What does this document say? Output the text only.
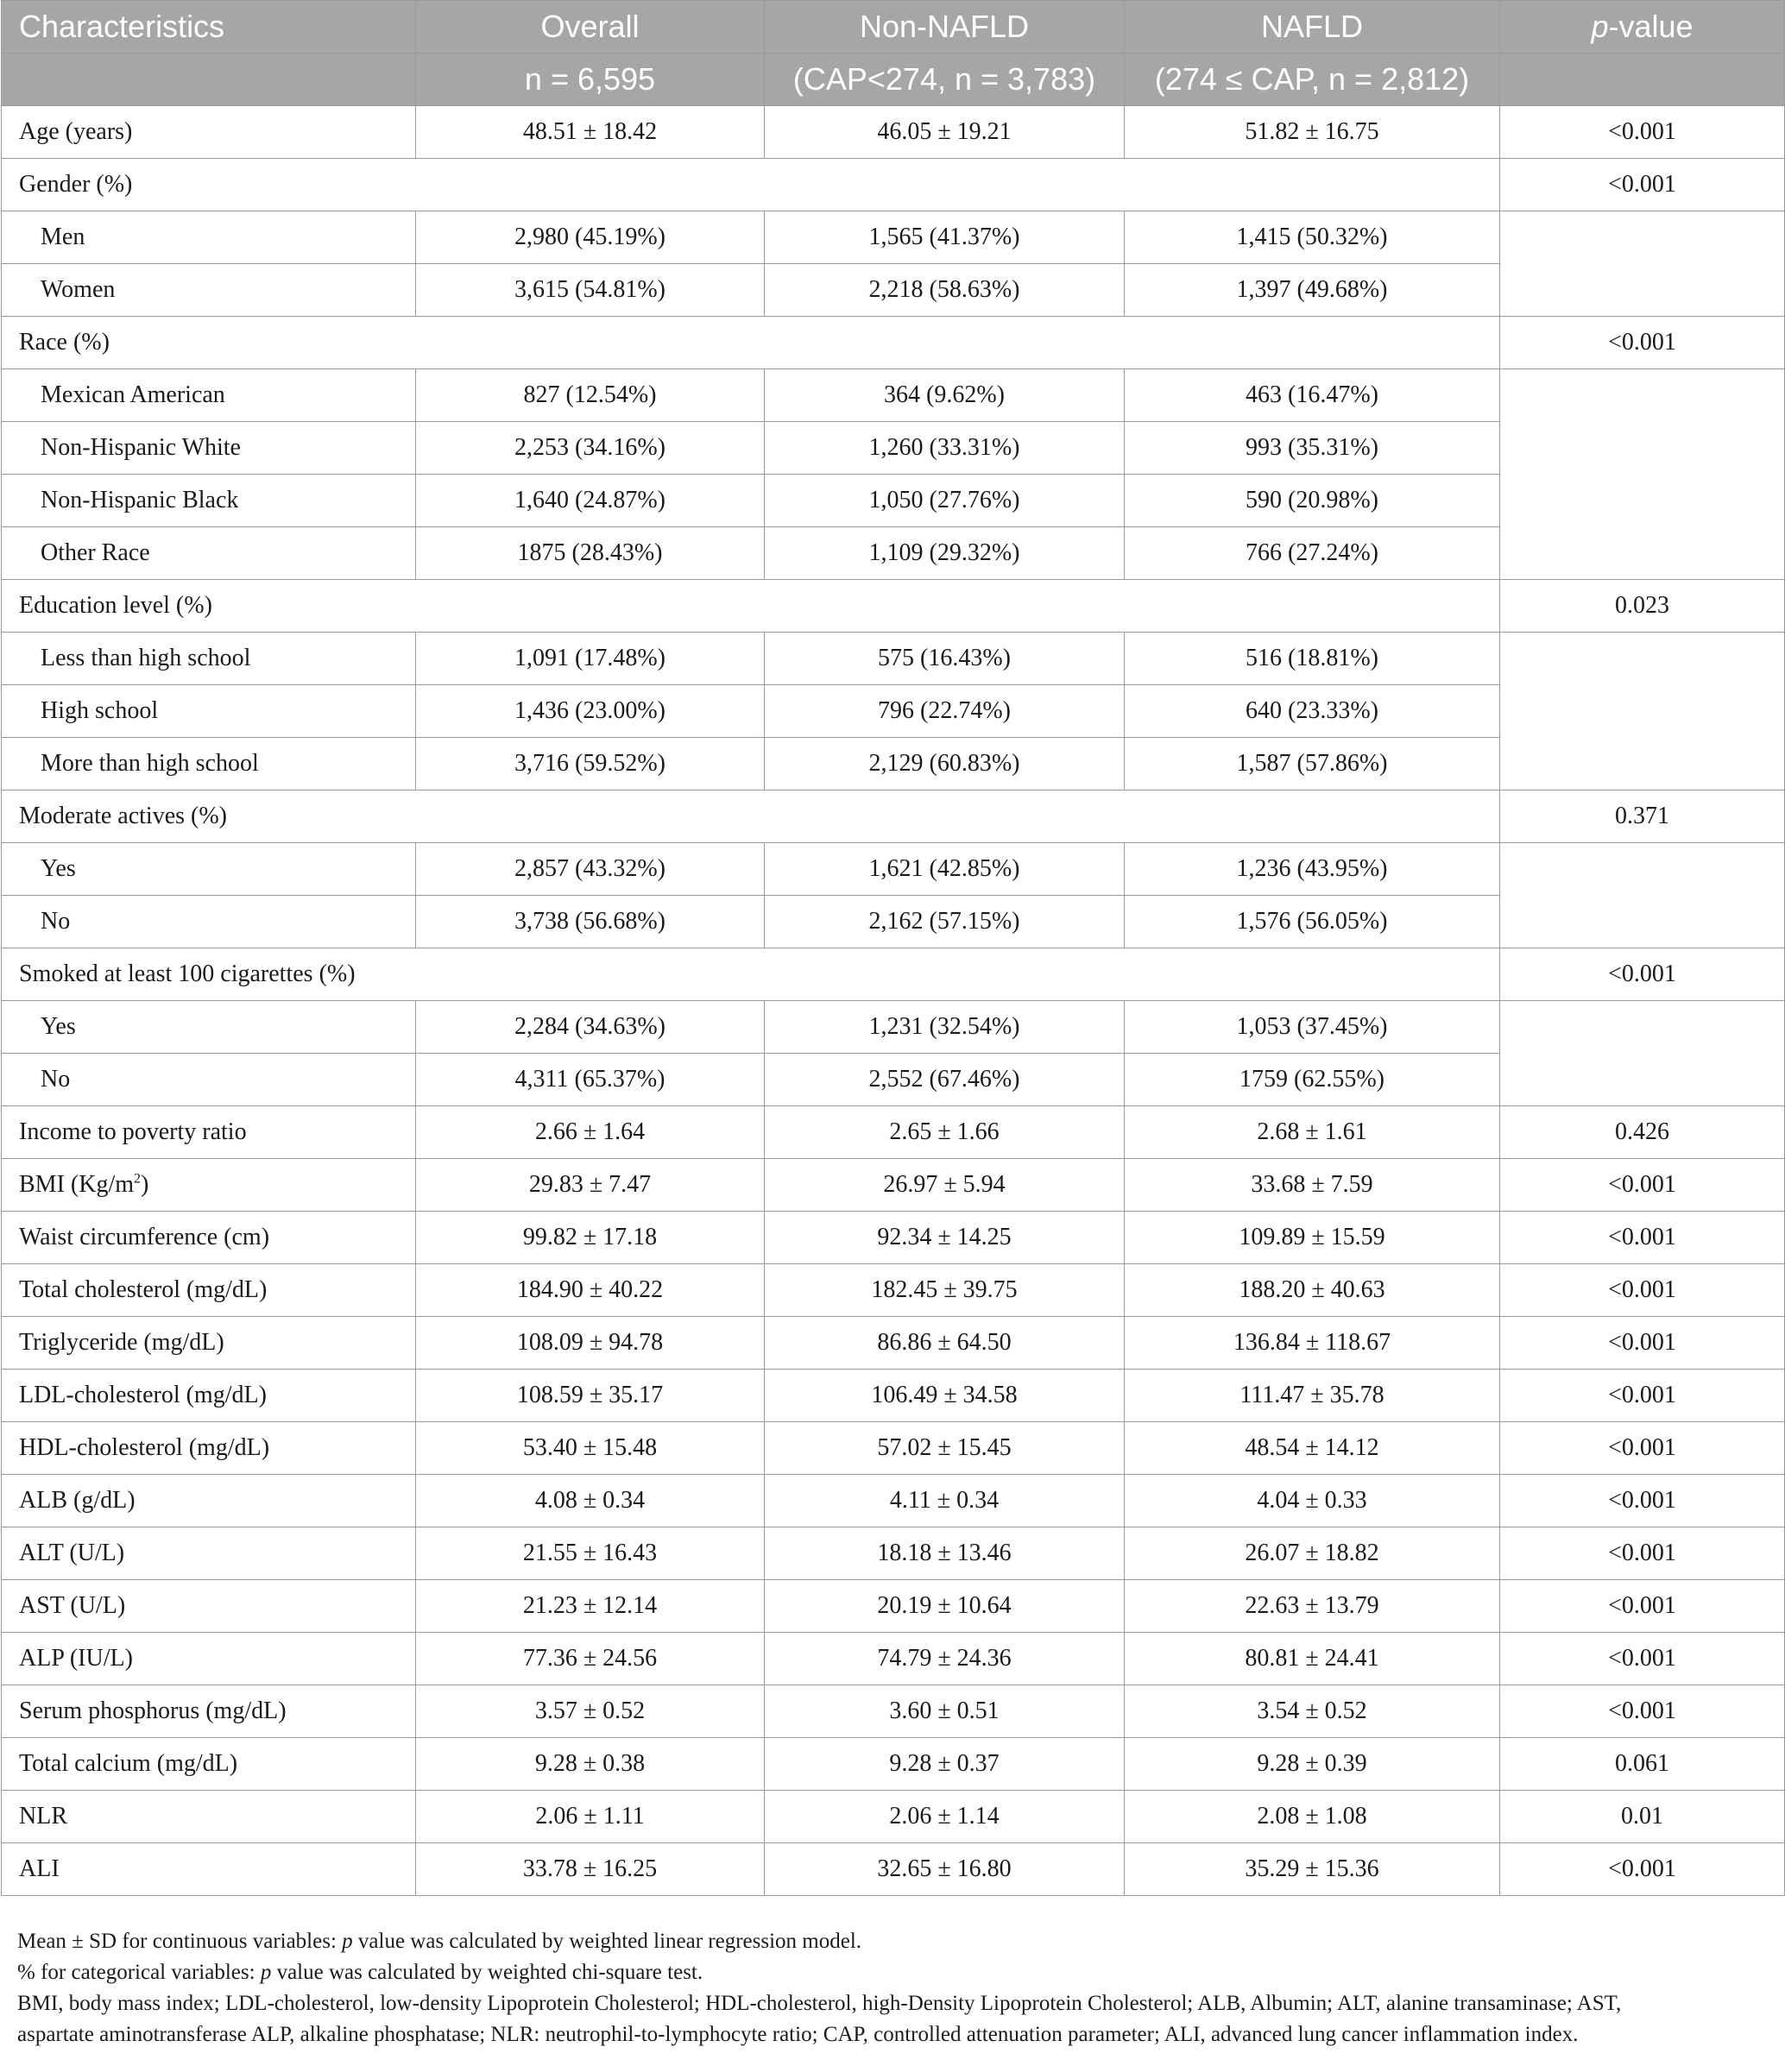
Characteristics	Overall	Non-NAFLD	NAFLD	p-value
	n = 6,595	(CAP<274, n = 3,783)	(274 ≤ CAP, n = 2,812)	
Age (years)	48.51 ± 18.42	46.05 ± 19.21	51.82 ± 16.75	<0.001
Gender (%)				<0.001
Men	2,980 (45.19%)	1,565 (41.37%)	1,415 (50.32%)	
Women	3,615 (54.81%)	2,218 (58.63%)	1,397 (49.68%)	
Race (%)				<0.001
Mexican American	827 (12.54%)	364 (9.62%)	463 (16.47%)	
Non-Hispanic White	2,253 (34.16%)	1,260 (33.31%)	993 (35.31%)	
Non-Hispanic Black	1,640 (24.87%)	1,050 (27.76%)	590 (20.98%)	
Other Race	1875 (28.43%)	1,109 (29.32%)	766 (27.24%)	
Education level (%)				0.023
Less than high school	1,091 (17.48%)	575 (16.43%)	516 (18.81%)	
High school	1,436 (23.00%)	796 (22.74%)	640 (23.33%)	
More than high school	3,716 (59.52%)	2,129 (60.83%)	1,587 (57.86%)	
Moderate actives (%)				0.371
Yes	2,857 (43.32%)	1,621 (42.85%)	1,236 (43.95%)	
No	3,738 (56.68%)	2,162 (57.15%)	1,576 (56.05%)	
Smoked at least 100 cigarettes (%)				<0.001
Yes	2,284 (34.63%)	1,231 (32.54%)	1,053 (37.45%)	
No	4,311 (65.37%)	2,552 (67.46%)	1759 (62.55%)	
Income to poverty ratio	2.66 ± 1.64	2.65 ± 1.66	2.68 ± 1.61	0.426
BMI $(Kg/m^2)$	29.83 ± 7.47	26.97 ± 5.94	33.68 ± 7.59	<0.001
Waist circumference (cm)	99.82 ± 17.18	92.34 ± 14.25	109.89 ± 15.59	<0.001
Total cholesterol (mg/dL)	184.90 ± 40.22	182.45 ± 39.75	188.20 ± 40.63	<0.001
Triglyceride (mg/dL)	108.09 ± 94.78	86.86 ± 64.50	136.84 ± 118.67	<0.001
LDL-cholesterol (mg/dL)	108.59 ± 35.17	106.49 ± 34.58	111.47 ± 35.78	<0.001
HDL-cholesterol (mg/dL)	53.40 ± 15.48	57.02 ± 15.45	48.54 ± 14.12	<0.001
ALB (g/dL)	4.08 ± 0.34	4.11 ± 0.34	4.04 ± 0.33	<0.001
ALT (U/L)	21.55 ± 16.43	18.18 ± 13.46	26.07 ± 18.82	<0.001
AST (U/L)	21.23 ± 12.14	20.19 ± 10.64	22.63 ± 13.79	<0.001
ALP (IU/L)	77.36 ± 24.56	74.79 ± 24.36	80.81 ± 24.41	<0.001
Serum phosphorus (mg/dL)	3.57 ± 0.52	3.60 ± 0.51	3.54 ± 0.52	<0.001
Total calcium (mg/dL)	9.28 ± 0.38	9.28 ± 0.37	9.28 ± 0.39	0.061
NLR	2.06 ± 1.11	2.06 ± 1.14	2.08 ± 1.08	0.01
ALI	33.78 ± 16.25	32.65 ± 16.80	35.29 ± 15.36	<0.001

Mean ± SD for continuous variables: p value was calculated by weighted linear regression model.

% for categorical variables: p value was calculated by weighted chi-square test.

BMI, body mass index; LDL-cholesterol, low-density Lipoprotein Cholesterol; HDL-cholesterol, high-Density Lipoprotein Cholesterol; ALB, Albumin; ALT, alanine transaminase; AST,

aspartate aminotransferase ALP, alkaline phosphatase; NLR: neutrophil-to-lymphocyte ratio; CAP, controlled attenuation parameter; ALI, advanced lung cancer inflammation index.
